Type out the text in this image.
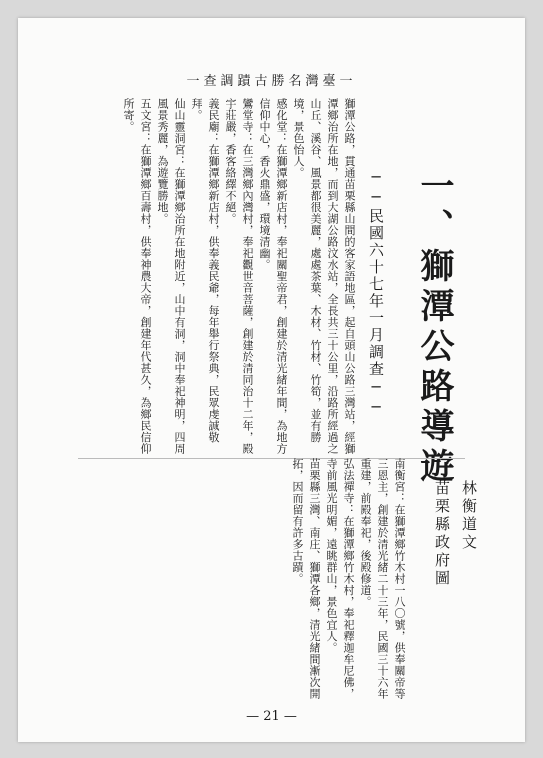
一查調蹟古勝名灣臺一
一、獅潭公路導遊
──民國六十七年一月調查──

獅潭公路，貫通苗栗縣山間的客家語地區，起自頭山公路三灣站，經獅潭鄉治所在地，而到大湖公路汶水站，全長共三十公里，沿路所經過之山丘、溪谷、風景都很美麗，處處茶葉、木材、竹材、竹筍，並有勝境，景色怡人。

感化堂：在獅潭鄉新店村，奉祀關聖帝君，創建於清光緒年間，為地方信仰中心，香火鼎盛，環境清幽。

鸞堂寺：在三灣鄉內灣村，奉祀觀世音菩薩，創建於清同治十二年，殿宇莊嚴，香客絡繹不絕。

義民廟：在獅潭鄉新店村，供奉義民爺，每年舉行祭典，民眾虔誠敬拜。

仙山靈洞宮：在獅潭鄉治所在地附近，山中有洞，洞中奉祀神明，四周風景秀麗，為遊覽勝地。

五文宮：在獅潭鄉百壽村，供奉神農大帝，創建年代甚久，為鄉民信仰所寄。

南衡宮：在獅潭鄉竹木村一八〇號，供奉關帝等三恩主，創建於清光緒二十三年，民國三十六年重建，前殿奉祀，後殿修道。

弘法禪寺：在獅潭鄉竹木村，奉祀釋迦牟尼佛，寺前風光明媚，遠眺群山，景色宜人。

苗栗縣三灣、南庄、獅潭各鄉，清光緒間漸次開拓，因而留有許多古蹟。	林衡道文
苗栗縣政府圖
— 21 —
